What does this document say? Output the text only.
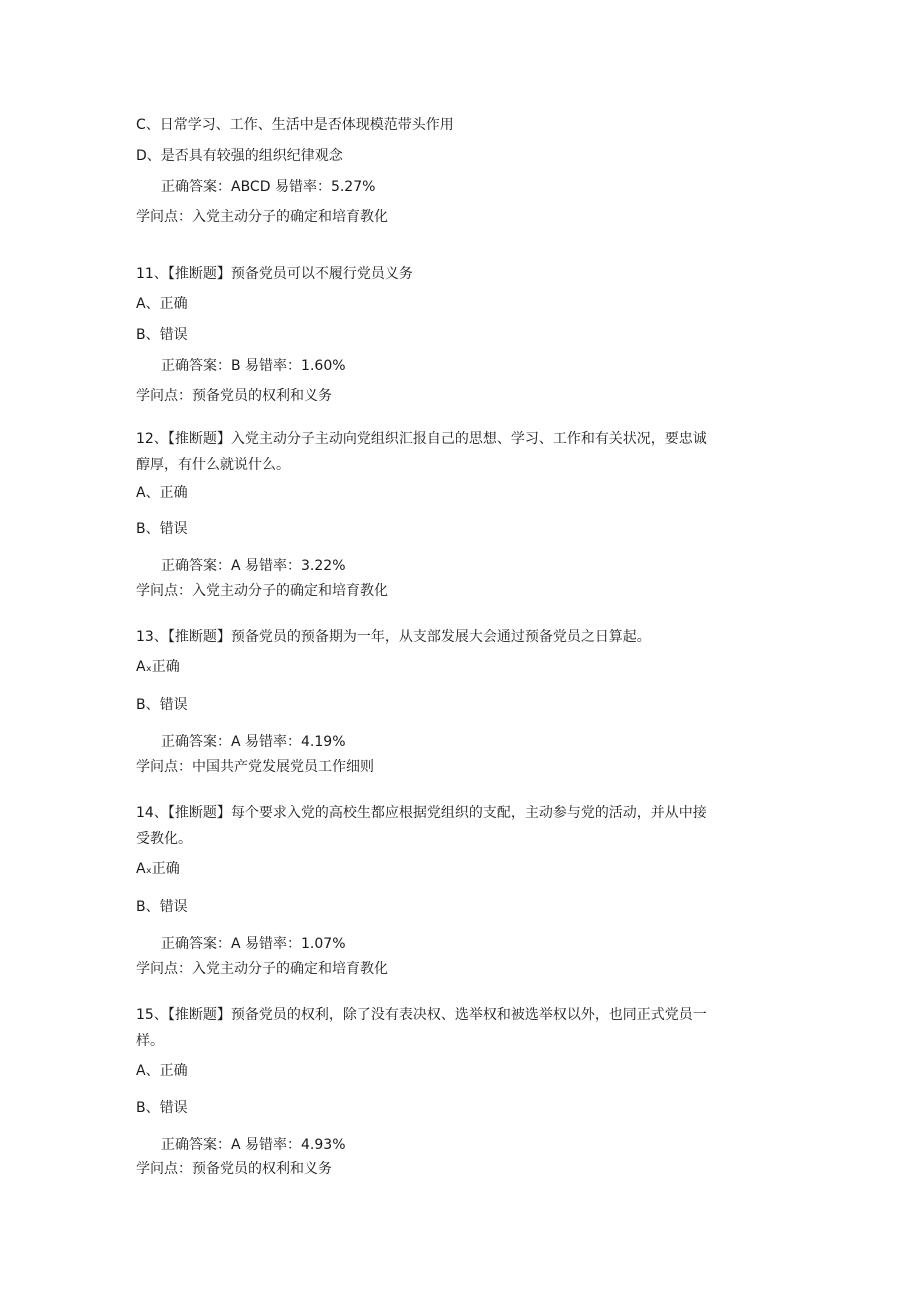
C、日常学习、工作、生活中是否体现模范带头作用
D、是否具有较强的组织纪律观念
正确答案：ABCD 易错率：5.27%
学问点：入党主动分子的确定和培育教化
11、【推断题】预备党员可以不履行党员义务
A、正确
B、错误
正确答案：B 易错率：1.60%
学问点：预备党员的权利和义务
12、【推断题】入党主动分子主动向党组织汇报自己的思想、学习、工作和有关状况，要忠诚
醇厚，有什么就说什么。
A、正确
B、错误
正确答案：A 易错率：3.22%
学问点：入党主动分子的确定和培育教化
13、【推断题】预备党员的预备期为一年，从支部发展大会通过预备党员之日算起。
Aₓ正确
B、错误
正确答案：A 易错率：4.19%
学问点：中国共产党发展党员工作细则
14、【推断题】每个要求入党的高校生都应根据党组织的支配，主动参与党的活动，并从中接
受教化。
Aₓ正确
B、错误
正确答案：A 易错率：1.07%
学问点：入党主动分子的确定和培育教化
15、【推断题】预备党员的权利，除了没有表决权、选举权和被选举权以外，也同正式党员一
样。
A、正确
B、错误
正确答案：A 易错率：4.93%
学问点：预备党员的权利和义务
